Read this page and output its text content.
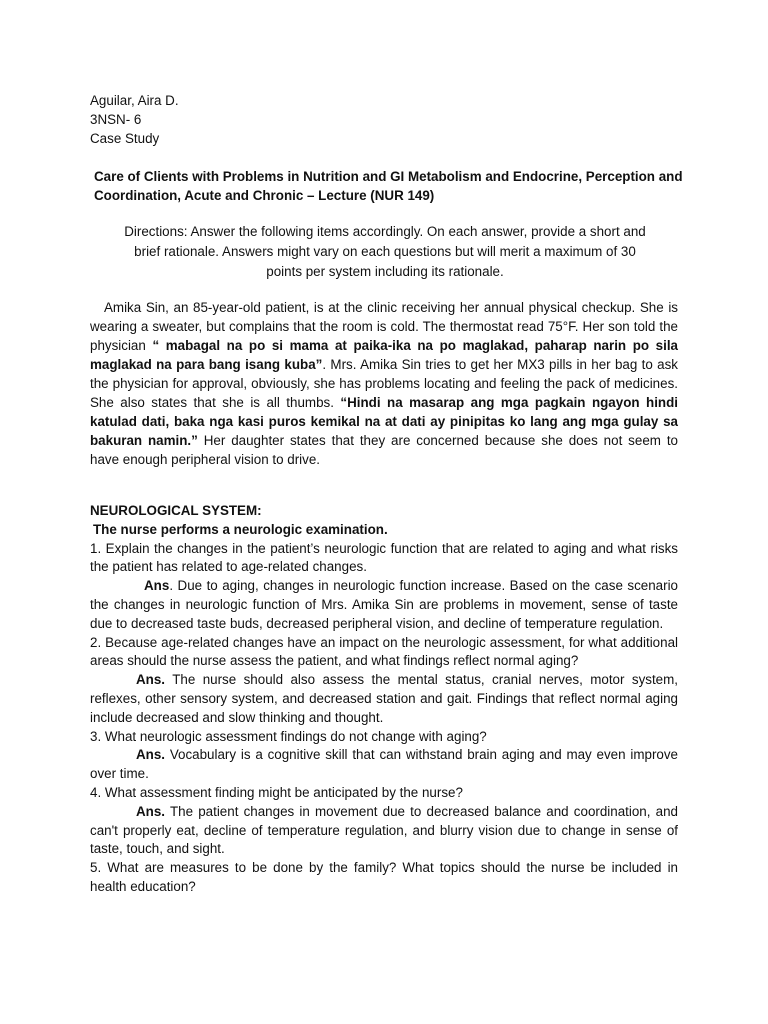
Aguilar, Aira D.
3NSN- 6
Case Study
Care of Clients with Problems in Nutrition and GI Metabolism and Endocrine, Perception and Coordination, Acute and Chronic – Lecture (NUR 149)
Directions: Answer the following items accordingly. On each answer, provide a short and brief rationale. Answers might vary on each questions but will merit a maximum of 30 points per system including its rationale.
Amika Sin, an 85-year-old patient, is at the clinic receiving her annual physical checkup. She is wearing a sweater, but complains that the room is cold. The thermostat read 75°F. Her son told the physician “ mabagal na po si mama at paika-ika na po maglakad, paharap narin po sila maglakad na para bang isang kuba”. Mrs. Amika Sin tries to get her MX3 pills in her bag to ask the physician for approval, obviously, she has problems locating and feeling the pack of medicines. She also states that she is all thumbs. “Hindi na masarap ang mga pagkain ngayon hindi katulad dati, baka nga kasi puros kemikal na at dati ay pinipitas ko lang ang mga gulay sa bakuran namin.” Her daughter states that they are concerned because she does not seem to have enough peripheral vision to drive.
NEUROLOGICAL SYSTEM:
The nurse performs a neurologic examination.
1. Explain the changes in the patient’s neurologic function that are related to aging and what risks the patient has related to age-related changes.
Ans. Due to aging, changes in neurologic function increase. Based on the case scenario the changes in neurologic function of Mrs. Amika Sin are problems in movement, sense of taste due to decreased taste buds, decreased peripheral vision, and decline of temperature regulation.
2. Because age-related changes have an impact on the neurologic assessment, for what additional areas should the nurse assess the patient, and what findings reflect normal aging?
Ans. The nurse should also assess the mental status, cranial nerves, motor system, reflexes, other sensory system, and decreased station and gait. Findings that reflect normal aging include decreased and slow thinking and thought.
3. What neurologic assessment findings do not change with aging?
Ans. Vocabulary is a cognitive skill that can withstand brain aging and may even improve over time.
4. What assessment finding might be anticipated by the nurse?
Ans. The patient changes in movement due to decreased balance and coordination, and can't properly eat, decline of temperature regulation, and blurry vision due to change in sense of taste, touch, and sight.
5. What are measures to be done by the family? What topics should the nurse be included in health education?
